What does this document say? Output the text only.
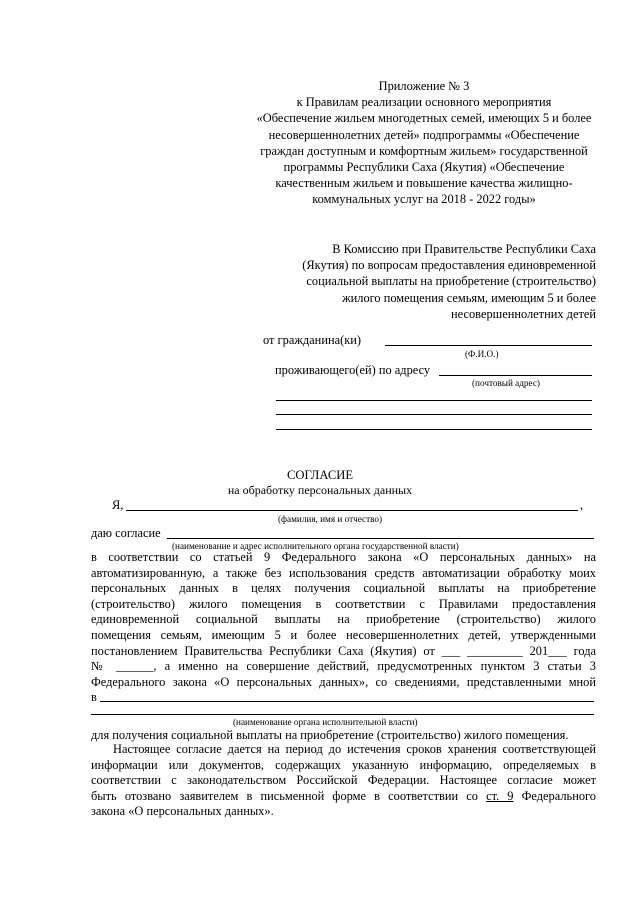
Приложение № 3
к Правилам реализации основного мероприятия
«Обеспечение жильем многодетных семей, имеющих 5 и более
несовершеннолетних детей» подпрограммы «Обеспечение
граждан доступным и комфортным жильем» государственной
программы Республики Саха (Якутия) «Обеспечение
качественным жильем и повышение качества жилищно-
коммунальных услуг на 2018 - 2022 годы»
В Комиссию при Правительстве Республики Саха
(Якутия) по вопросам предоставления единовременной
социальной выплаты на приобретение (строительство)
жилого помещения семьям, имеющим 5 и более
несовершеннолетних детей
от гражданина(ки)
(Ф.И.О.)
проживающего(ей) по адресу
(почтовый адрес)
СОГЛАСИЕ
на обработку персональных данных
Я,	,
(фамилия, имя и отчество)
даю согласие
(наименование и адрес исполнительного органа государственной власти)
в соответствии со статьей 9 Федерального закона «О персональных данных» на
автоматизированную, а также без использования средств автоматизации обработку моих
персональных данных в целях получения социальной выплаты на приобретение
(строительство) жилого помещения в соответствии с Правилами предоставления
единовременной социальной выплаты на приобретение (строительство) жилого
помещения семьям, имеющим 5 и более несовершеннолетних детей, утвержденными
постановлением Правительства Республики Саха (Якутия) от ___ _________ 201___ года
№ ______, а именно на совершение действий, предусмотренных пунктом 3 статьи 3
Федерального закона «О персональных данных», со сведениями, представленными мной
в
(наименование органа исполнительной власти)
для получения социальной выплаты на приобретение (строительство) жилого помещения.
Настоящее согласие дается на период до истечения сроков хранения соответствующей
информации или документов, содержащих указанную информацию, определяемых в
соответствии с законодательством Российской Федерации. Настоящее согласие может
быть отозвано заявителем в письменной форме в соответствии со ст. 9 Федерального
закона «О персональных данных».
